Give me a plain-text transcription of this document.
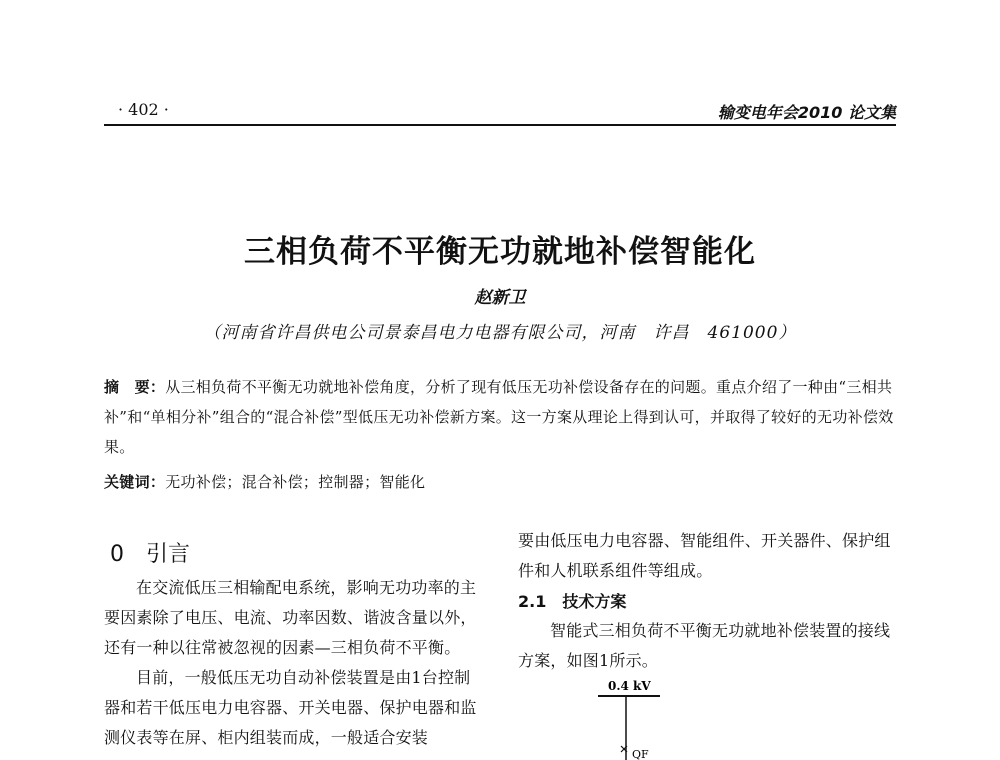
· 402 ·	输变电年会2010 论文集
三相负荷不平衡无功就地补偿智能化
赵新卫
（河南省许昌供电公司景泰昌电力电器有限公司，河南　许昌　461000）
摘　要：从三相负荷不平衡无功就地补偿角度，分析了现有低压无功补偿设备存在的问题。重点介绍了一种由“三相共补”和“单相分补”组合的“混合补偿”型低压无功补偿新方案。这一方案从理论上得到认可，并取得了较好的无功补偿效果。
关键词：无功补偿；混合补偿；控制器；智能化
0　引言
在交流低压三相输配电系统，影响无功功率的主要因素除了电压、电流、功率因数、谐波含量以外，还有一种以往常被忽视的因素—三相负荷不平衡。
目前，一般低压无功自动补偿装置是由1台控制器和若干低压电力电容器、开关电器、保护电器和监测仪表等在屏、柜内组装而成，一般适合安装
要由低压电力电容器、智能组件、开关器件、保护组件和人机联系组件等组成。
2.1　技术方案
智能式三相负荷不平衡无功就地补偿装置的接线方案，如图1所示。
0.4 kV
QF
